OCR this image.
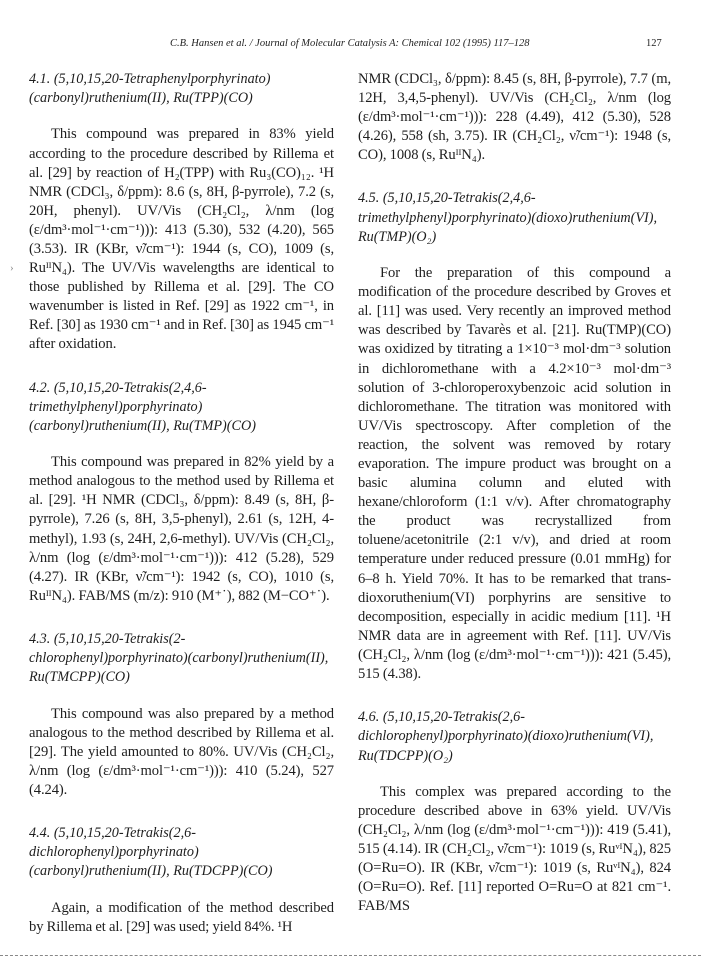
C.B. Hansen et al. / Journal of Molecular Catalysis A: Chemical 102 (1995) 117–128	127
›
4.1. (5,10,15,20-Tetraphenylporphyrinato)(carbonyl)ruthenium(II), Ru(TPP)(CO)

This compound was prepared in 83% yield according to the procedure described by Rillema et al. [29] by reaction of H₂(TPP) with Ru₃(CO)₁₂. ¹H NMR (CDCl₃, δ/ppm): 8.6 (s, 8H, β-pyrrole), 7.2 (s, 20H, phenyl). UV/Vis (CH₂Cl₂, λ/nm (log (ε/dm³·mol⁻¹·cm⁻¹))): 413 (5.30), 532 (4.20), 565 (3.53). IR (KBr, ν̃/cm⁻¹): 1944 (s, CO), 1009 (s, RuᴵᴵN₄). The UV/Vis wavelengths are identical to those published by Rillema et al. [29]. The CO wavenumber is listed in Ref. [29] as 1922 cm⁻¹, in Ref. [30] as 1930 cm⁻¹ and in Ref. [30] as 1945 cm⁻¹ after oxidation.

4.2. (5,10,15,20-Tetrakis(2,4,6-trimethylphenyl)porphyrinato)(carbonyl)ruthenium(II), Ru(TMP)(CO)

This compound was prepared in 82% yield by a method analogous to the method used by Rillema et al. [29]. ¹H NMR (CDCl₃, δ/ppm): 8.49 (s, 8H, β-pyrrole), 7.26 (s, 8H, 3,5-phenyl), 2.61 (s, 12H, 4-methyl), 1.93 (s, 24H, 2,6-methyl). UV/Vis (CH₂Cl₂, λ/nm (log (ε/dm³·mol⁻¹·cm⁻¹))): 412 (5.28), 529 (4.27). IR (KBr, ν̃/cm⁻¹): 1942 (s, CO), 1010 (s, RuᴵᴵN₄). FAB/MS (m/z): 910 (M⁺˙), 882 (M−CO⁺˙).

4.3. (5,10,15,20-Tetrakis(2-chlorophenyl)porphyrinato)(carbonyl)ruthenium(II), Ru(TMCPP)(CO)

This compound was also prepared by a method analogous to the method described by Rillema et al. [29]. The yield amounted to 80%. UV/Vis (CH₂Cl₂, λ/nm (log (ε/dm³·mol⁻¹·cm⁻¹))): 410 (5.24), 527 (4.24).

4.4. (5,10,15,20-Tetrakis(2,6-dichlorophenyl)porphyrinato)(carbonyl)ruthenium(II), Ru(TDCPP)(CO)

Again, a modification of the method described by Rillema et al. [29] was used; yield 84%. ¹H

NMR (CDCl₃, δ/ppm): 8.45 (s, 8H, β-pyrrole), 7.7 (m, 12H, 3,4,5-phenyl). UV/Vis (CH₂Cl₂, λ/nm (log (ε/dm³·mol⁻¹·cm⁻¹))): 228 (4.49), 412 (5.30), 528 (4.26), 558 (sh, 3.75). IR (CH₂Cl₂, ν̃/cm⁻¹): 1948 (s, CO), 1008 (s, RuᴵᴵN₄).

4.5. (5,10,15,20-Tetrakis(2,4,6-trimethylphenyl)porphyrinato)(dioxo)ruthenium(VI), Ru(TMP)(O₂)

For the preparation of this compound a modification of the procedure described by Groves et al. [11] was used. Very recently an improved method was described by Tavarès et al. [21]. Ru(TMP)(CO) was oxidized by titrating a 1×10⁻³ mol·dm⁻³ solution in dichloromethane with a 4.2×10⁻³ mol·dm⁻³ solution of 3-chloroperoxybenzoic acid solution in dichloromethane. The titration was monitored with UV/Vis spectroscopy. After completion of the reaction, the solvent was removed by rotary evaporation. The impure product was brought on a basic alumina column and eluted with hexane/chloroform (1:1 v/v). After chromatography the product was recrystallized from toluene/acetonitrile (2:1 v/v), and dried at room temperature under reduced pressure (0.01 mmHg) for 6–8 h. Yield 70%. It has to be remarked that trans-dioxoruthenium(VI) porphyrins are sensitive to decomposition, especially in acidic medium [11]. ¹H NMR data are in agreement with Ref. [11]. UV/Vis (CH₂Cl₂, λ/nm (log (ε/dm³·mol⁻¹·cm⁻¹))): 421 (5.45), 515 (4.38).

4.6. (5,10,15,20-Tetrakis(2,6-dichlorophenyl)porphyrinato)(dioxo)ruthenium(VI), Ru(TDCPP)(O₂)

This complex was prepared according to the procedure described above in 63% yield. UV/Vis (CH₂Cl₂, λ/nm (log (ε/dm³·mol⁻¹·cm⁻¹))): 419 (5.41), 515 (4.14). IR (CH₂Cl₂, ν̃/cm⁻¹): 1019 (s, RuᵛᴵN₄), 825 (O=Ru=O). IR (KBr, ν̃/cm⁻¹): 1019 (s, RuᵛᴵN₄), 824 (O=Ru=O). Ref. [11] reported O=Ru=O at 821 cm⁻¹. FAB/MS
